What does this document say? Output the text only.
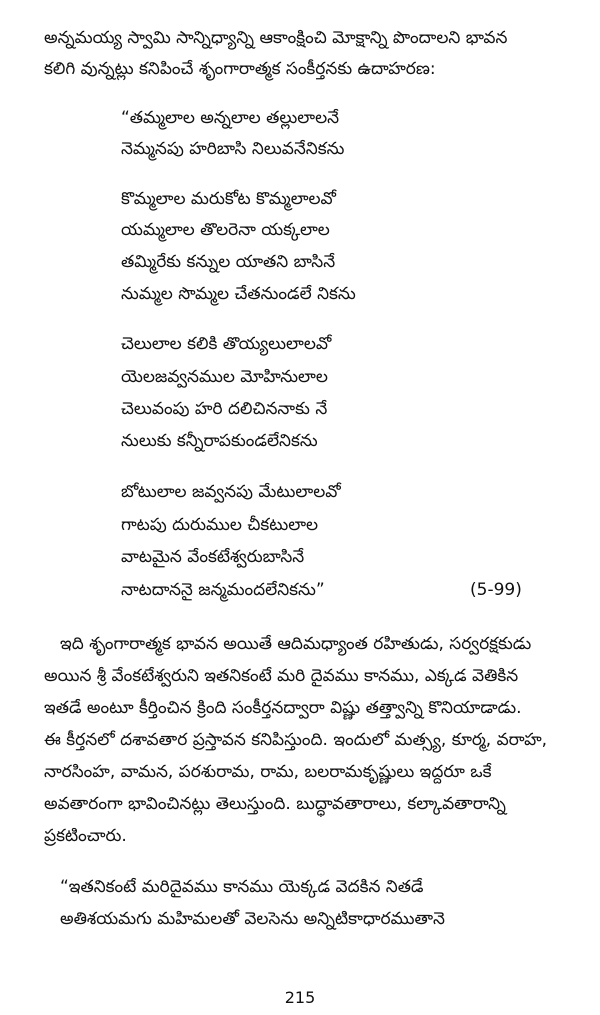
అన్నమయ్య స్వామి సాన్నిధ్యాన్ని ఆకాంక్షించి మోక్షాన్ని పొందాలని భావన
కలిగి వున్నట్లు కనిపించే శృంగారాత్మక సంకీర్తనకు ఉదాహరణ:
“తమ్మలాల అన్నలాల తల్లులాలనే
నెమ్మనపు హరిబాసి నిలువనేనికను
కొమ్మలాల మరుకోట కొమ్మలాలవో
యమ్మలాల తొలరెనా యక్కలాల
తమ్మిరేకు కన్నుల యాతని బాసినే
నుమ్మల సొమ్మల చేతనుండలే నికను
చెలులాల కలికి తొయ్యలులాలవో
యెలజవ్వనముల మోహినులాల
చెలువంపు హరి దలిచిననాకు నే
నులుకు కన్నీరాపకుండలేనికను
బోటులాల జవ్వనపు మేటులాలవో
గాటపు దురుముల చీకటులాల
వాటమైన వేంకటేశ్వరుబాసినే
నాటదాననై జన్మమందలేనికను”	(5-99)
ఇది శృంగారాత్మక భావన అయితే ఆదిమధ్యాంత రహితుడు, సర్వరక్షకుడు
అయిన శ్రీ వేంకటేశ్వరుని ఇతనికంటే మరి దైవము కానము, ఎక్కడ వెతికిన
ఇతడే అంటూ కీర్తించిన క్రింది సంకీర్తనద్వారా విష్ణు తత్త్వాన్ని కొనియాడాడు.
ఈ కీర్తనలో దశావతార ప్రస్తావన కనిపిస్తుంది. ఇందులో మత్స్య, కూర్మ, వరాహ,
నారసింహ, వామన, పరశురామ, రామ, బలరామకృష్ణులు ఇద్దరూ ఒకే
అవతారంగా భావించినట్లు తెలుస్తుంది. బుద్ధావతారాలు, కల్కావతారాన్ని
ప్రకటించారు.
“ఇతనికంటే మరిదైవము కానము యెక్కడ వెదకిన నితడే
అతిశయమగు మహిమలతో వెలసెను అన్నిటికాధారముతానె
215
